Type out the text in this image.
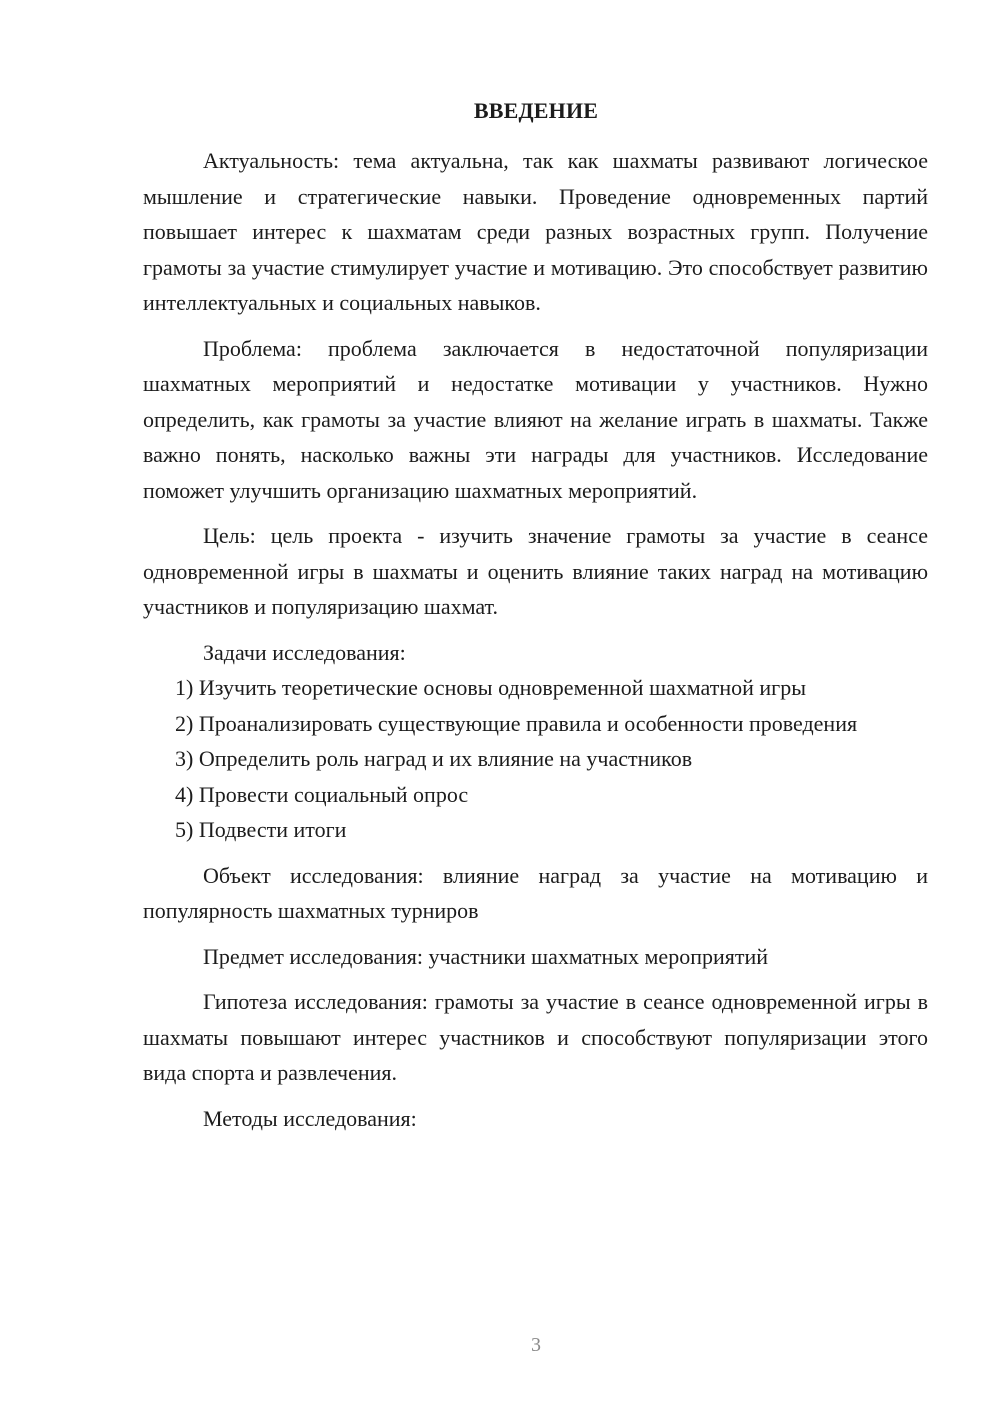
ВВЕДЕНИЕ

Актуальность: тема актуальна, так как шахматы развивают логическое мышление и стратегические навыки. Проведение одновременных партий повышает интерес к шахматам среди разных возрастных групп. Получение грамоты за участие стимулирует участие и мотивацию. Это способствует развитию интеллектуальных и социальных навыков.

Проблема: проблема заключается в недостаточной популяризации шахматных мероприятий и недостатке мотивации у участников. Нужно определить, как грамоты за участие влияют на желание играть в шахматы. Также важно понять, насколько важны эти награды для участников. Исследование поможет улучшить организацию шахматных мероприятий.

Цель: цель проекта - изучить значение грамоты за участие в сеансе одновременной игры в шахматы и оценить влияние таких наград на мотивацию участников и популяризацию шахмат.

Задачи исследования:

1) Изучить теоретические основы одновременной шахматной игры

2) Проанализировать существующие правила и особенности проведения

3) Определить роль наград и их влияние на участников

4) Провести социальный опрос

5) Подвести итоги

Объект исследования: влияние наград за участие на мотивацию и популярность шахматных турниров

Предмет исследования: участники шахматных мероприятий

Гипотеза исследования: грамоты за участие в сеансе одновременной игры в шахматы повышают интерес участников и способствуют популяризации этого вида спорта и развлечения.

Методы исследования:

3
